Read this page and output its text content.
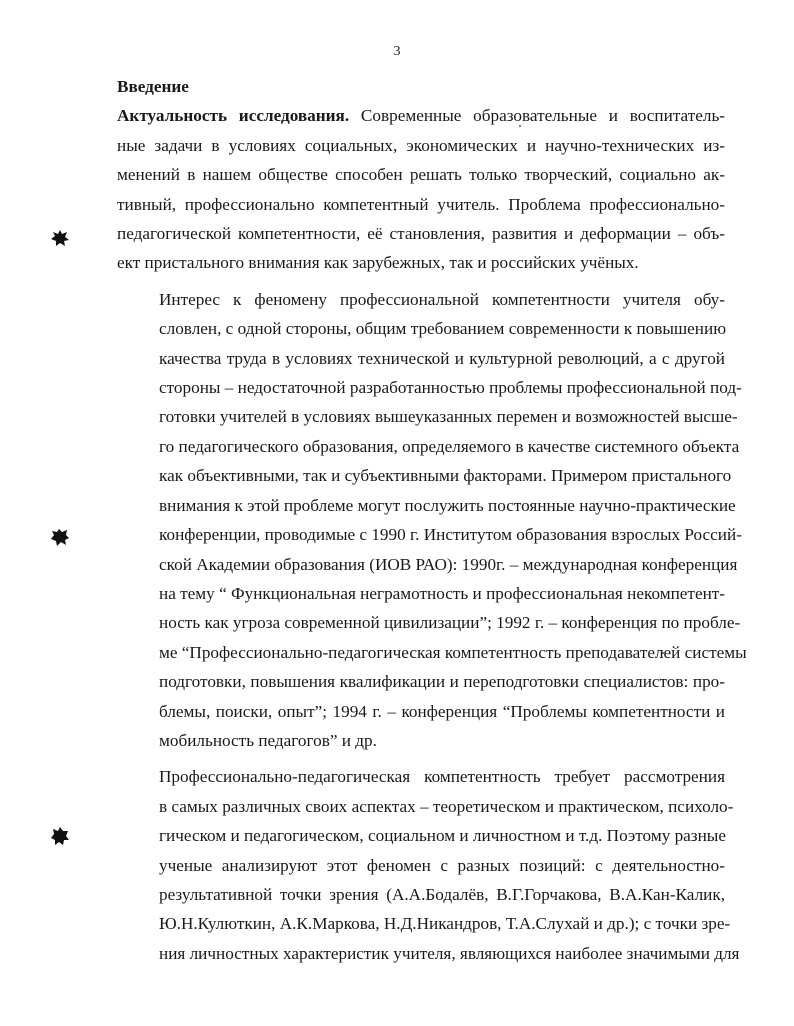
3

Введение

Актуальность исследования. Современные образовательные и воспитатель-
ные задачи в условиях социальных, экономических и научно-технических из-
менений в нашем обществе способен решать только творческий, социально ак-
тивный, профессионально компетентный учитель. Проблема профессионально-
педагогической компетентности, её становления, развития и деформации – объ-
ект пристального внимания как зарубежных, так и российских учёных.
Интерес к феномену профессиональной компетентности учителя обу-
словлен, с одной стороны, общим требованием современности к повышению
качества труда в условиях технической и культурной революций, а с другой
стороны – недостаточной разработанностью проблемы профессиональной под-
готовки учителей в условиях вышеуказанных перемен и возможностей высше-
го педагогического образования, определяемого в качестве системного объекта
как объективными, так и субъективными факторами. Примером пристального
внимания к этой проблеме могут послужить постоянные научно-практические
конференции, проводимые с 1990 г. Институтом образования взрослых Россий-
ской Академии образования (ИОВ РАО): 1990г. – международная конференция
на тему “ Функциональная неграмотность и профессиональная некомпетент-
ность как угроза современной цивилизации”; 1992 г. – конференция по пробле-
ме “Профессионально-педагогическая компетентность преподавателей системы
подготовки, повышения квалификации и переподготовки специалистов: про-
блемы, поиски, опыт”; 1994 г. – конференция “Проблемы компетентности и
мобильность педагогов” и др.
Профессионально-педагогическая компетентность требует рассмотрения
в самых различных своих аспектах – теоретическом и практическом, психоло-
гическом и педагогическом, социальном и личностном и т.д. Поэтому разные
ученые анализируют этот феномен с разных позиций: с деятельностно-
результативной точки зрения (А.А.Бодалёв, В.Г.Горчакова, В.А.Кан-Калик,
Ю.Н.Кулюткин, А.К.Маркова, Н.Д.Никандров, Т.А.Слухай и др.); с точки зре-
ния личностных характеристик учителя, являющихся наиболее значимыми для
